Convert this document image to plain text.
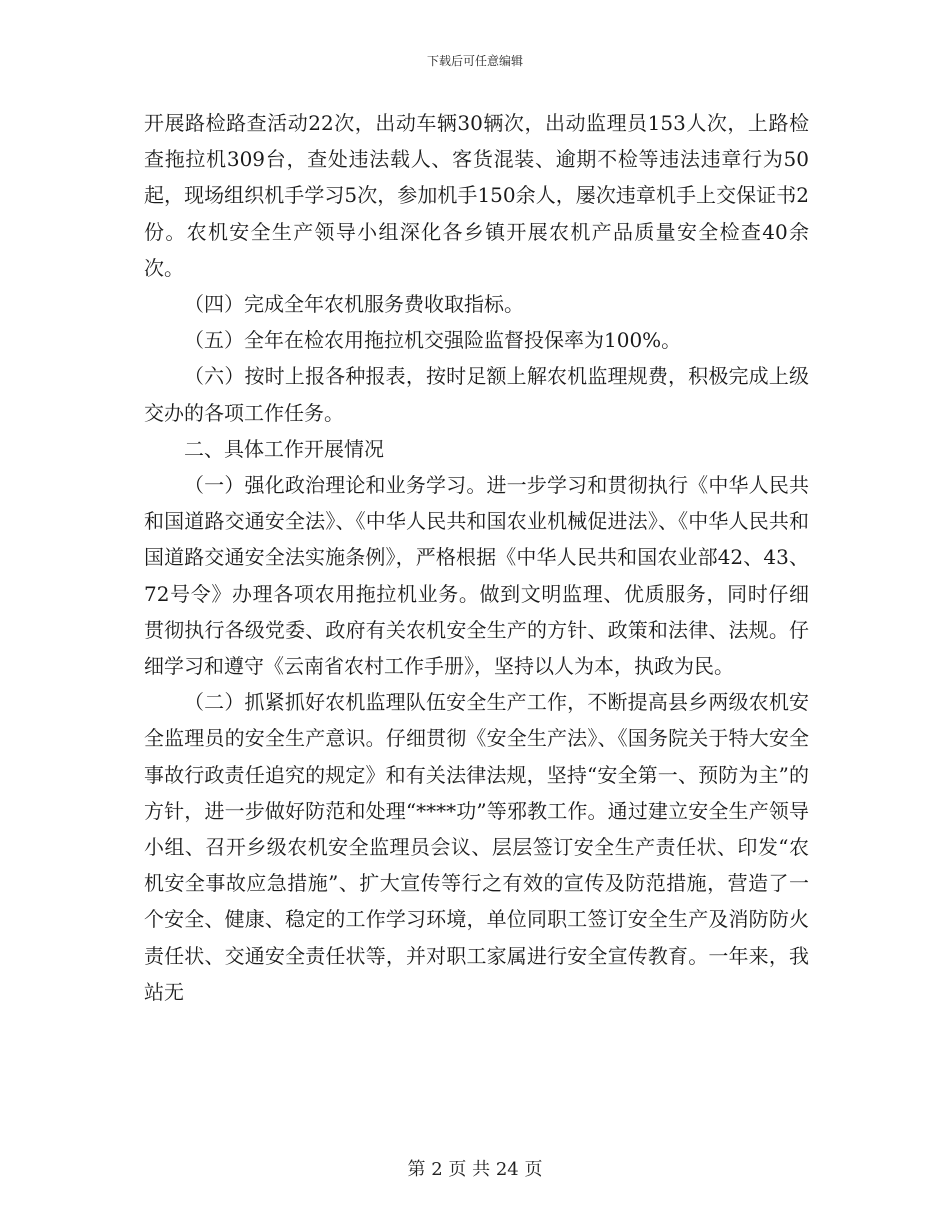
下载后可任意编辑

开展路检路查活动22次，出动车辆30辆次，出动监理员153人次，上路检查拖拉机309台，查处违法载人、客货混装、逾期不检等违法违章行为50起，现场组织机手学习5次，参加机手150余人，屡次违章机手上交保证书2份。农机安全生产领导小组深化各乡镇开展农机产品质量安全检查40余次。

（四）完成全年农机服务费收取指标。

（五）全年在检农用拖拉机交强险监督投保率为100%。

（六）按时上报各种报表，按时足额上解农机监理规费，积极完成上级交办的各项工作任务。

二、具体工作开展情况

（一）强化政治理论和业务学习。进一步学习和贯彻执行《中华人民共和国道路交通安全法》、《中华人民共和国农业机械促进法》、《中华人民共和国道路交通安全法实施条例》，严格根据《中华人民共和国农业部42、43、72号令》办理各项农用拖拉机业务。做到文明监理、优质服务，同时仔细贯彻执行各级党委、政府有关农机安全生产的方针、政策和法律、法规。仔细学习和遵守《云南省农村工作手册》，坚持以人为本，执政为民。

（二）抓紧抓好农机监理队伍安全生产工作，不断提高县乡两级农机安全监理员的安全生产意识。仔细贯彻《安全生产法》、《国务院关于特大安全事故行政责任追究的规定》和有关法律法规，坚持“安全第一、预防为主”的方针，进一步做好防范和处理“****功”等邪教工作。通过建立安全生产领导小组、召开乡级农机安全监理员会议、层层签订安全生产责任状、印发“农机安全事故应急措施”、扩大宣传等行之有效的宣传及防范措施，营造了一个安全、健康、稳定的工作学习环境，单位同职工签订安全生产及消防防火责任状、交通安全责任状等，并对职工家属进行安全宣传教育。一年来，我站无

第 2 页 共 24 页
